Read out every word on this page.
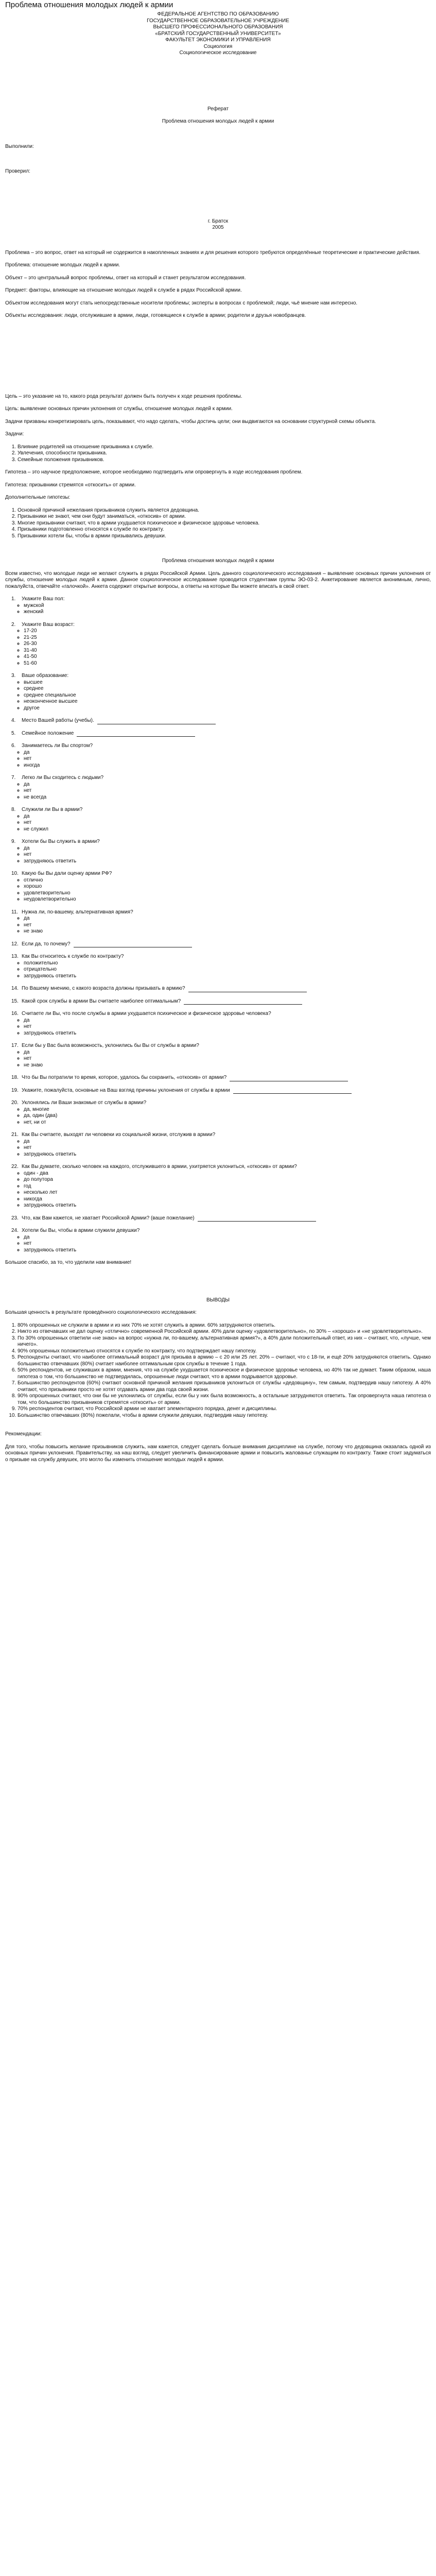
Проблема отношения молодых людей к армии
ФЕДЕРАЛЬНОЕ АГЕНТСТВО ПО ОБРАЗОВАНИЮ
ГОСУДАРСТВЕННОЕ ОБРАЗОВАТЕЛЬНОЕ УЧРЕЖДЕНИЕ
ВЫСШЕГО ПРОФЕССИОНАЛЬНОГО ОБРАЗОВАНИЯ
«БРАТСКИЙ ГОСУДАРСТВЕННЫЙ УНИВЕРСИТЕТ»
ФАКУЛЬТЕТ ЭКОНОМИКИ И УПРАВЛЕНИЯ
Социология
Социологическое исследование
Реферат
Проблема отношения молодых людей к армии
Выполнили:
Проверил:
г. Братск
2005

Проблема – это вопрос, ответ на который не содержится в накопленных знаниях и для решения которого требуются определённые теоретические и практические действия.

Проблема: отношение молодых людей к армии.

Объект – это центральный вопрос проблемы, ответ на который и станет результатом исследования.

Предмет: факторы, влияющие на отношение молодых людей к службе в рядах Российской армии.

Объектом исследования могут стать непосредственные носители проблемы; эксперты в вопросах с проблемой; люди, чьё мнение нам интересно.

Объекты исследования: люди, отслужившие в армии, люди, готовящиеся к службе в армии; родители и друзья новобранцев.

Цель – это указание на то, какого рода результат должен быть получен к ходе решения проблемы.

Цель: выявление основных причин уклонения от службы, отношение молодых людей к армии.

Задачи призваны конкретизировать цель, показывают, что надо сделать, чтобы достичь цели; они выдвигаются на основании структурной схемы объекта.

Задачи:

1. Влияние родителей на отношение призывника к службе.
2. Увлечения, способности призывника.
3. Семейные положения призывников.

Гипотеза – это научное предположение, которое необходимо подтвердить или опровергнуть в ходе исследования проблем.

Гипотеза: призывники стремятся «откосить» от армии.

Дополнительные гипотезы:

1. Основной причиной нежелания призывников служить является дедовщина.
2. Призывники не знают, чем они будут заниматься, «откосив» от армии.
3. Многие призывники считают, что в армии ухудшается психическое и физическое здоровье человека.
4. Призывники подготовленно относятся к службе по контракту.
5. Призывники хотели бы, чтобы в армии призывались девушки.

Проблема отношения молодых людей к армии

Всем известно, что молодые люди не желают служить в рядах Российской Армии. Цель данного социологического исследования – выявление основных причин уклонения от службы, отношение молодых людей к армии. Данное социологическое исследование проводится студентами группы ЭО-03-2. Анкетирование является анонимным, лично, пожалуйста, отвечайте «галочкой». Анкета содержит открытые вопросы, а ответы на которые Вы можете вписать в свой ответ.

1. Укажите Ваш пол:
◦ мужской
◦ женский
2. Укажите Ваш возраст:
◦ 17-20
◦ 21-25
◦ 26-30
◦ 31-40
◦ 41-50
◦ 51-60
3. Ваше образование:
◦ высшее
◦ среднее
◦ среднее специальное
◦ неоконченное высшее
◦ другое
4. Место Вашей работы (учебы).
5. Семейное положение
6. Занимаетесь ли Вы спортом?
◦ да
◦ нет
◦ иногда
7. Легко ли Вы сходитесь с людьми?
◦ да
◦ нет
◦ не всегда
8. Служили ли Вы в армии?
◦ да
◦ нет
◦ не служил
9. Хотели бы Вы служить в армии?
◦ да
◦ нет
◦ затрудняюсь ответить
10. Какую бы Вы дали оценку армии РФ?
◦ отлично
◦ хорошо
◦ удовлетворительно
◦ неудовлетворительно
11. Нужна ли, по-вашему, альтернативная армия?
◦ да
◦ нет
◦ не знаю
12. Если да, то почему?
13. Как Вы относитесь к службе по контракту?
◦ положительно
◦ отрицательно
◦ затрудняюсь ответить
14. По Вашему мнению, с какого возраста должны призывать в армию?
15. Какой срок службы в армии Вы считаете наиболее оптимальным?
16. Считаете ли Вы, что после службы в армии ухудшается психическое и физическое здоровье человека?
◦ да
◦ нет
◦ затрудняюсь ответить
17. Если бы у Вас была возможность, уклонились бы Вы от службы в армии?
◦ да
◦ нет
◦ не знаю
18. Что бы Вы потратили то время, которое, удалось бы сохранить, «откосив» от армии?
19. Укажите, пожалуйста, основные на Ваш взгляд причины уклонения от службы в армии
20. Уклонялись ли Ваши знакомые от службы в армии?
◦ да, многие
◦ да, один (два)
◦ нет, ни от
21. Как Вы считаете, выходят ли человеки из социальной жизни, отслужив в армии?
◦ да
◦ нет
◦ затрудняюсь ответить
22. Как Вы думаете, сколько человек на каждого, отслужившего в армии, ухитряется уклониться, «откосив» от армии?
◦ один - два
◦ до полутора
◦ год
◦ несколько лет
◦ никогда
◦ затрудняюсь ответить
23. Что, как Вам кажется, не хватает Российской Армии? (ваше пожелание)
24. Хотели бы Вы, чтобы в армии служили девушки?
◦ да
◦ нет
◦ затрудняюсь ответить

Большое спасибо, за то, что уделили нам внимание!

ВЫВОДЫ

Большая ценность в результате проведённого социологического исследования:

1. 80% опрошенных не служили в армии и из них 70% не хотят служить в армии. 60% затрудняются ответить.
2. Никто из отвечавших не дал оценку «отлично» современной Российской армии. 40% дали оценку «удовлетворительно», по 30% – «хорошо» и «не удовлетворительно».
3. По 30% опрошенных ответили «не знаю» на вопрос «нужна ли, по-вашему, альтернативная армия?», а 40% дали положительный ответ, из них – считают, что, «лучше, чем ничего».
4. 90% опрошенных положительно относятся к службе по контракту, что подтверждает нашу гипотезу.
5. Респонденты считают, что наиболее оптимальный возраст для призыва в армию – с 20 или 25 лет. 20% – считают, что с 18-ти, и ещё 20% затрудняются ответить. Однако большинство отвечавших (80%) считает наиболее оптимальным срок службы в течение 1 года.
6. 50% респондентов, не служивших в армии, мнения, что на службе ухудшается психическое и физическое здоровье человека, но 40% так не думает. Таким образом, наша гипотеза о том, что большинство не подтвердилась, опрошенные люди считают, что в армии подрывается здоровье.
7. Большинство респондентов (60%) считают основной причиной желания призывников уклониться от службы «дедовщину», тем самым, подтвердив нашу гипотезу. А 40% считают, что призывники просто не хотят отдавать армии два года своей жизни.
8. 90% опрошенных считают, что они бы не уклонились от службы, если бы у них была возможность, а остальные затрудняются ответить. Так опровергнута наша гипотеза о том, что большинство призывников стремятся «откосить» от армии.
9. 70% респондентов считают, что Российской армии не хватает элементарного порядка, денег и дисциплины.
10. Большинство отвечавших (80%) пожелали, чтобы в армии служили девушки, подтвердив нашу гипотезу.

Рекомендации:

Для того, чтобы повысить желание призывников служить, нам кажется, следует сделать больше внимания дисциплине на службе, потому что дедовщина оказалась одной из основных причин уклонения. Правительству, на наш взгляд, следует увеличить финансирование армии и повысить жалованье служащим по контракту. Также стоит задуматься о призыве на службу девушек, это могло бы изменить отношение молодых людей к армии.
